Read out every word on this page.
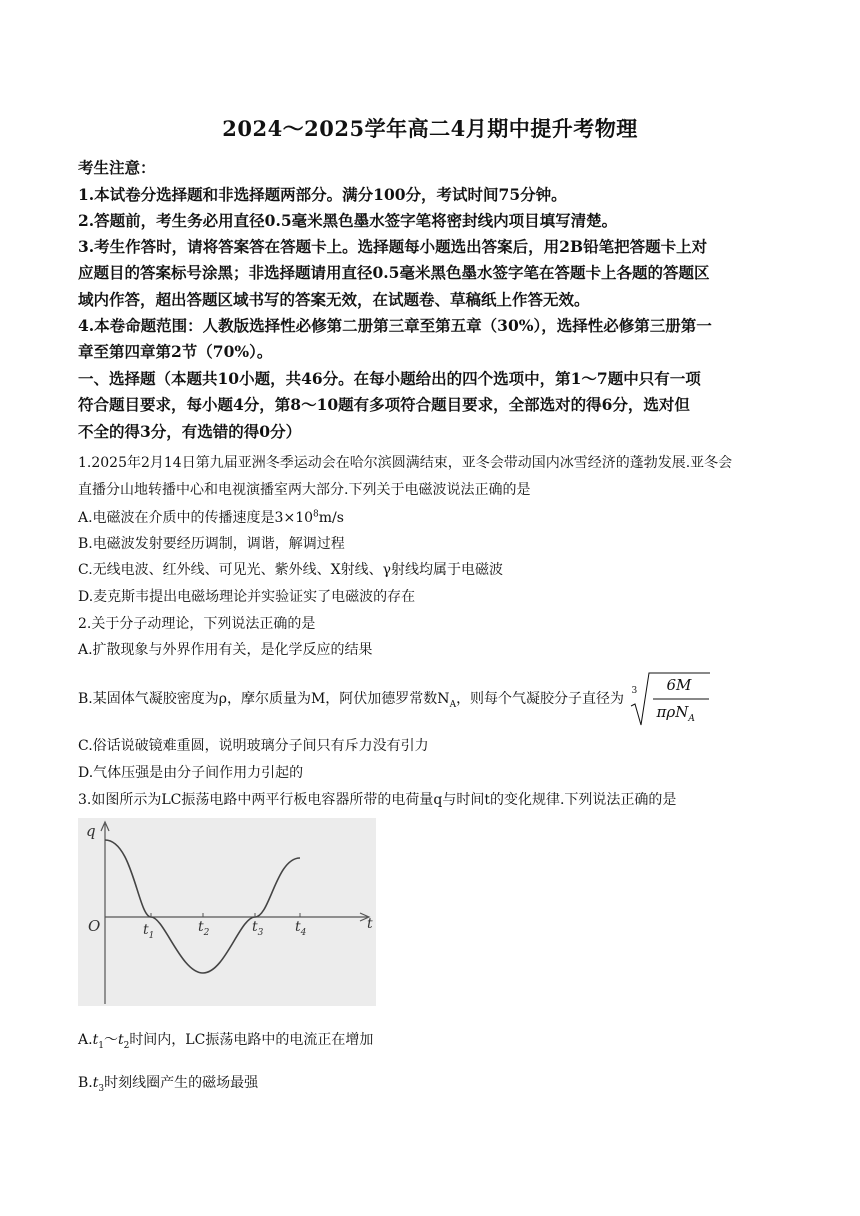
2024～2025学年高二4月期中提升考物理
考生注意：
1.本试卷分选择题和非选择题两部分。满分100分，考试时间75分钟。
2.答题前，考生务必用直径0.5毫米黑色墨水签字笔将密封线内项目填写清楚。
3.考生作答时，请将答案答在答题卡上。选择题每小题选出答案后，用2B铅笔把答题卡上对
应题目的答案标号涂黑；非选择题请用直径0.5毫米黑色墨水签字笔在答题卡上各题的答题区
域内作答，超出答题区域书写的答案无效，在试题卷、草稿纸上作答无效。
4.本卷命题范围：人教版选择性必修第二册第三章至第五章（30%），选择性必修第三册第一
章至第四章第2节（70%）。
一、选择题（本题共10小题，共46分。在每小题给出的四个选项中，第1～7题中只有一项
符合题目要求，每小题4分，第8～10题有多项符合题目要求，全部选对的得6分，选对但
不全的得3分，有选错的得0分）
1.2025年2月14日第九届亚洲冬季运动会在哈尔滨圆满结束，亚冬会带动国内冰雪经济的蓬勃发展.亚冬会
直播分山地转播中心和电视演播室两大部分.下列关于电磁波说法正确的是
A.电磁波在介质中的传播速度是$3\times 10^8m/s$
B.电磁波发射要经历调制，调谐，解调过程
C.无线电波、红外线、可见光、紫外线、X射线、γ射线均属于电磁波
D.麦克斯韦提出电磁场理论并实验证实了电磁波的存在
2.关于分子动理论，下列说法正确的是
A.扩散现象与外界作用有关，是化学反应的结果
B.某固体气凝胶密度为ρ，摩尔质量为M，阿伏加德罗常数$N_A$，则每个气凝胶分子直径为 3 6M
πρN$_A$
C.俗话说破镜难重圆，说明玻璃分子间只有斥力没有引力
D.气体压强是由分子间作用力引起的
3.如图所示为LC振荡电路中两平行板电容器所带的电荷量q与时间t的变化规律.下列说法正确的是
q
O	t
$t_1$
$t_2$	$t_3$ $t_4$
$A.t_1\sim t_2$时间内，LC振荡电路中的电流正在增加
$B.t_3$时刻线圈产生的磁场最强
